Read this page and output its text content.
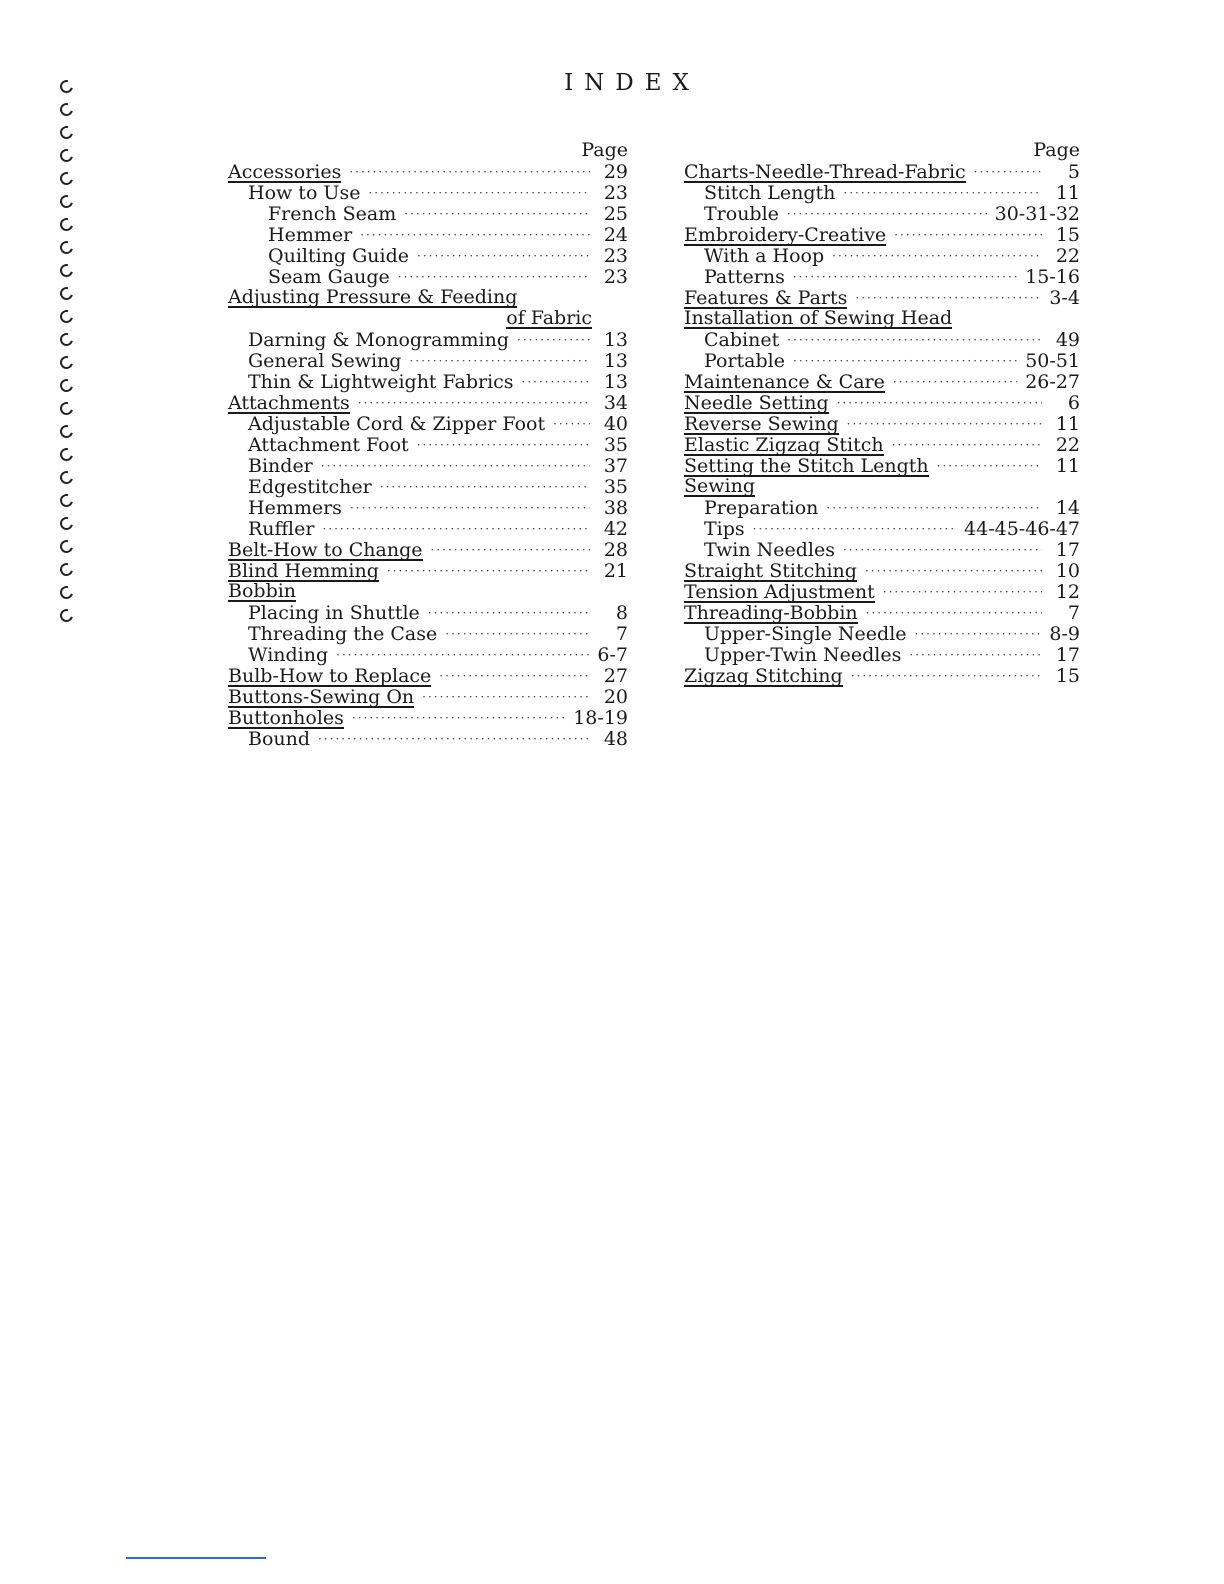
INDEX
Page
Accessories ·····	29
How to Use ·····	23
French Seam ·····	25
Hemmer ·····	24
Quilting Guide ·····	23
Seam Gauge ·····	23
Adjusting Pressure & Feeding
of Fabric
Darning & Monogramming ·····	13
General Sewing ·····	13
Thin & Lightweight Fabrics ·····	13
Attachments ·····	34
Adjustable Cord & Zipper Foot ·····	40
Attachment Foot ·····	35
Binder ·····	37
Edgestitcher ·····	35
Hemmers ·····	38
Ruffler ·····	42
Belt-How to Change ·····	28
Blind Hemming ·····	21
Bobbin
Placing in Shuttle ·····	8
Threading the Case ·····	7
Winding ·····	6-7
Bulb-How to Replace ·····	27
Buttons-Sewing On ·····	20
Buttonholes ·····	18-19
Bound ·····	48
Page
Charts-Needle-Thread-Fabric ·····	5
Stitch Length ·····	11
Trouble ·····	30-31-32
Embroidery-Creative ·····	15
With a Hoop ·····	22
Patterns ·····	15-16
Features & Parts ·····	3-4
Installation of Sewing Head
Cabinet ·····	49
Portable ·····	50-51
Maintenance & Care ·····	26-27
Needle Setting ·····	6
Reverse Sewing ·····	11
Elastic Zigzag Stitch ·····	22
Setting the Stitch Length ·····	11
Sewing
Preparation ·····	14
Tips ·····	44-45-46-47
Twin Needles ·····	17
Straight Stitching ·····	10
Tension Adjustment ·····	12
Threading-Bobbin ·····	7
Upper-Single Needle ·····	8-9
Upper-Twin Needles ·····	17
Zigzag Stitching ·····	15
